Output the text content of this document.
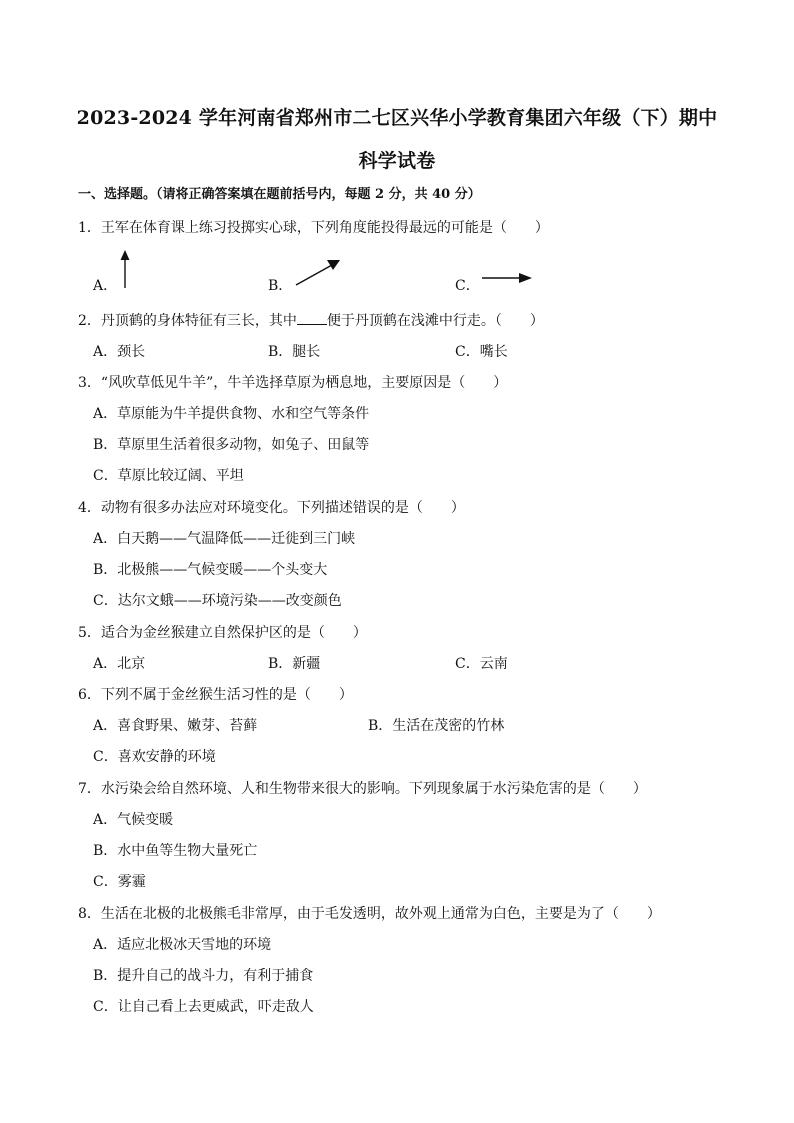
2023-2024 学年河南省郑州市二七区兴华小学教育集团六年级（下）期中
科学试卷
一、选择题。（请将正确答案填在题前括号内，每题 2 分，共 40 分）
1．王军在体育课上练习投掷实心球，下列角度能投得最远的可能是（　　）
A．	B．	C．
2．丹顶鹤的身体特征有三长，其中 便于丹顶鹤在浅滩中行走。（　　）
A．颈长	B．腿长	C．嘴长
3．“风吹草低见牛羊”，牛羊选择草原为栖息地，主要原因是（　　）
A．草原能为牛羊提供食物、水和空气等条件
B．草原里生活着很多动物，如兔子、田鼠等
C．草原比较辽阔、平坦
4．动物有很多办法应对环境变化。下列描述错误的是（　　）
A．白天鹅——气温降低——迁徙到三门峡
B．北极熊——气候变暖——个头变大
C．达尔文蛾——环境污染——改变颜色
5．适合为金丝猴建立自然保护区的是（　　）
A．北京	B．新疆	C．云南
6．下列不属于金丝猴生活习性的是（　　）
A．喜食野果、嫩芽、苔藓	B．生活在茂密的竹林
C．喜欢安静的环境
7．水污染会给自然环境、人和生物带来很大的影响。下列现象属于水污染危害的是（　　）
A．气候变暖
B．水中鱼等生物大量死亡
C．雾霾
8．生活在北极的北极熊毛非常厚，由于毛发透明，故外观上通常为白色，主要是为了（　　）
A．适应北极冰天雪地的环境
B．提升自己的战斗力，有利于捕食
C．让自己看上去更威武，吓走敌人
